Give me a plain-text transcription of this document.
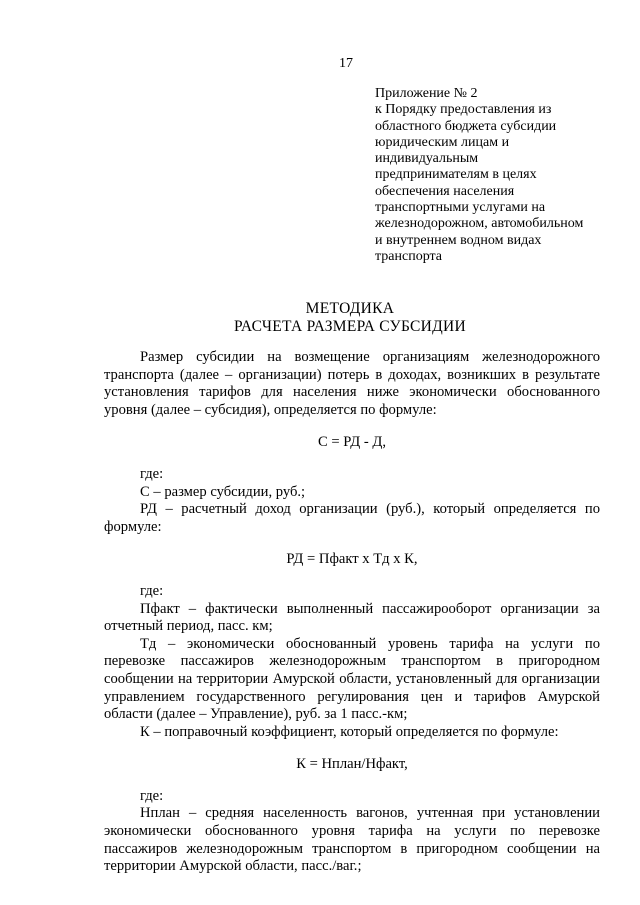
17
Приложение № 2
к Порядку предоставления из
областного бюджета субсидии
юридическим лицам и
индивидуальным
предпринимателям в целях
обеспечения населения
транспортными услугами на
железнодорожном, автомобильном
и внутреннем водном видах
транспорта
МЕТОДИКА
РАСЧЕТА РАЗМЕРА СУБСИДИИ

Размер субсидии на возмещение организациям железнодорожного транспорта (далее – организации) потерь в доходах, возникших в результате установления тарифов для населения ниже экономически обоснованного уровня (далее – субсидия), определяется по формуле:

С = РД - Д,

где:

С – размер субсидии, руб.;

РД – расчетный доход организации (руб.), который определяется по формуле:

РД = Пфакт х Тд х К,

где:

Пфакт – фактически выполненный пассажирооборот организации за отчетный период, пасс. км;

Тд – экономически обоснованный уровень тарифа на услуги по перевозке пассажиров железнодорожным транспортом в пригородном сообщении на территории Амурской области, установленный для организации управлением государственного регулирования цен и тарифов Амурской области (далее – Управление), руб. за 1 пасс.-км;

К – поправочный коэффициент, который определяется по формуле:

К = Нплан/Нфакт,

где:

Нплан – средняя населенность вагонов, учтенная при установлении экономически обоснованного уровня тарифа на услуги по перевозке пассажиров железнодорожным транспортом в пригородном сообщении на территории Амурской области, пасс./ваг.;
